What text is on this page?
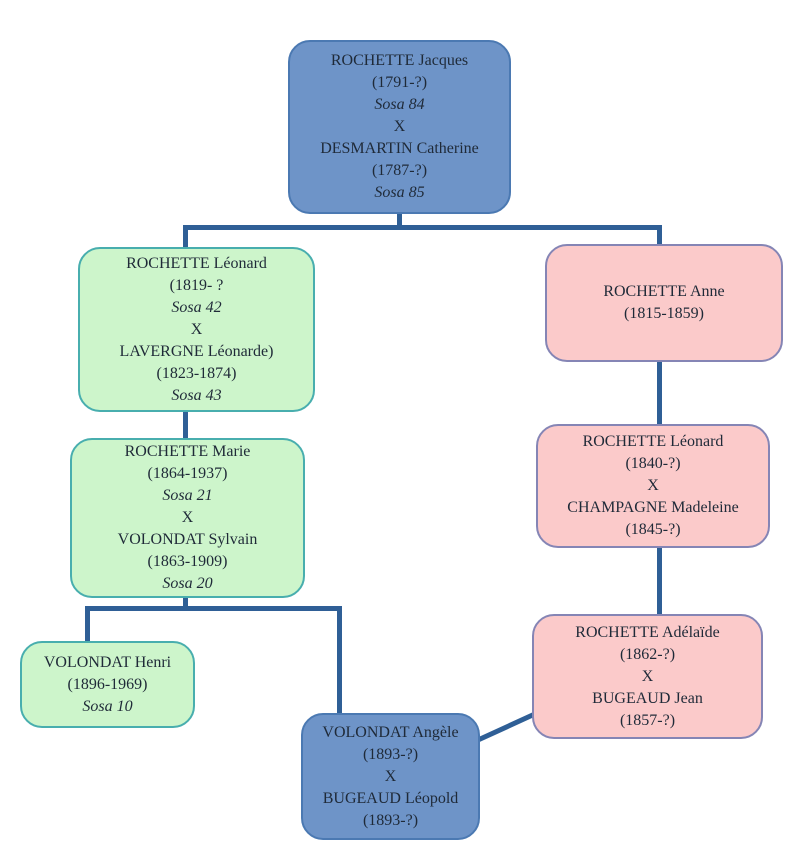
ROCHETTE Jacques
(1791-?)
Sosa 84
X
DESMARTIN Catherine
(1787-?)
Sosa 85
ROCHETTE Léonard
(1819- ?
Sosa 42
X
LAVERGNE Léonarde)
(1823-1874)
Sosa 43
ROCHETTE Anne
(1815-1859)
ROCHETTE Marie
(1864-1937)
Sosa 21
X
VOLONDAT Sylvain
(1863-1909)
Sosa 20
ROCHETTE Léonard
(1840-?)
X
CHAMPAGNE Madeleine
(1845-?)
VOLONDAT Henri
(1896-1969)
Sosa 10
ROCHETTE Adélaïde
(1862-?)
X
BUGEAUD Jean
(1857-?)
VOLONDAT Angèle
(1893-?)
X
BUGEAUD Léopold
(1893-?)
